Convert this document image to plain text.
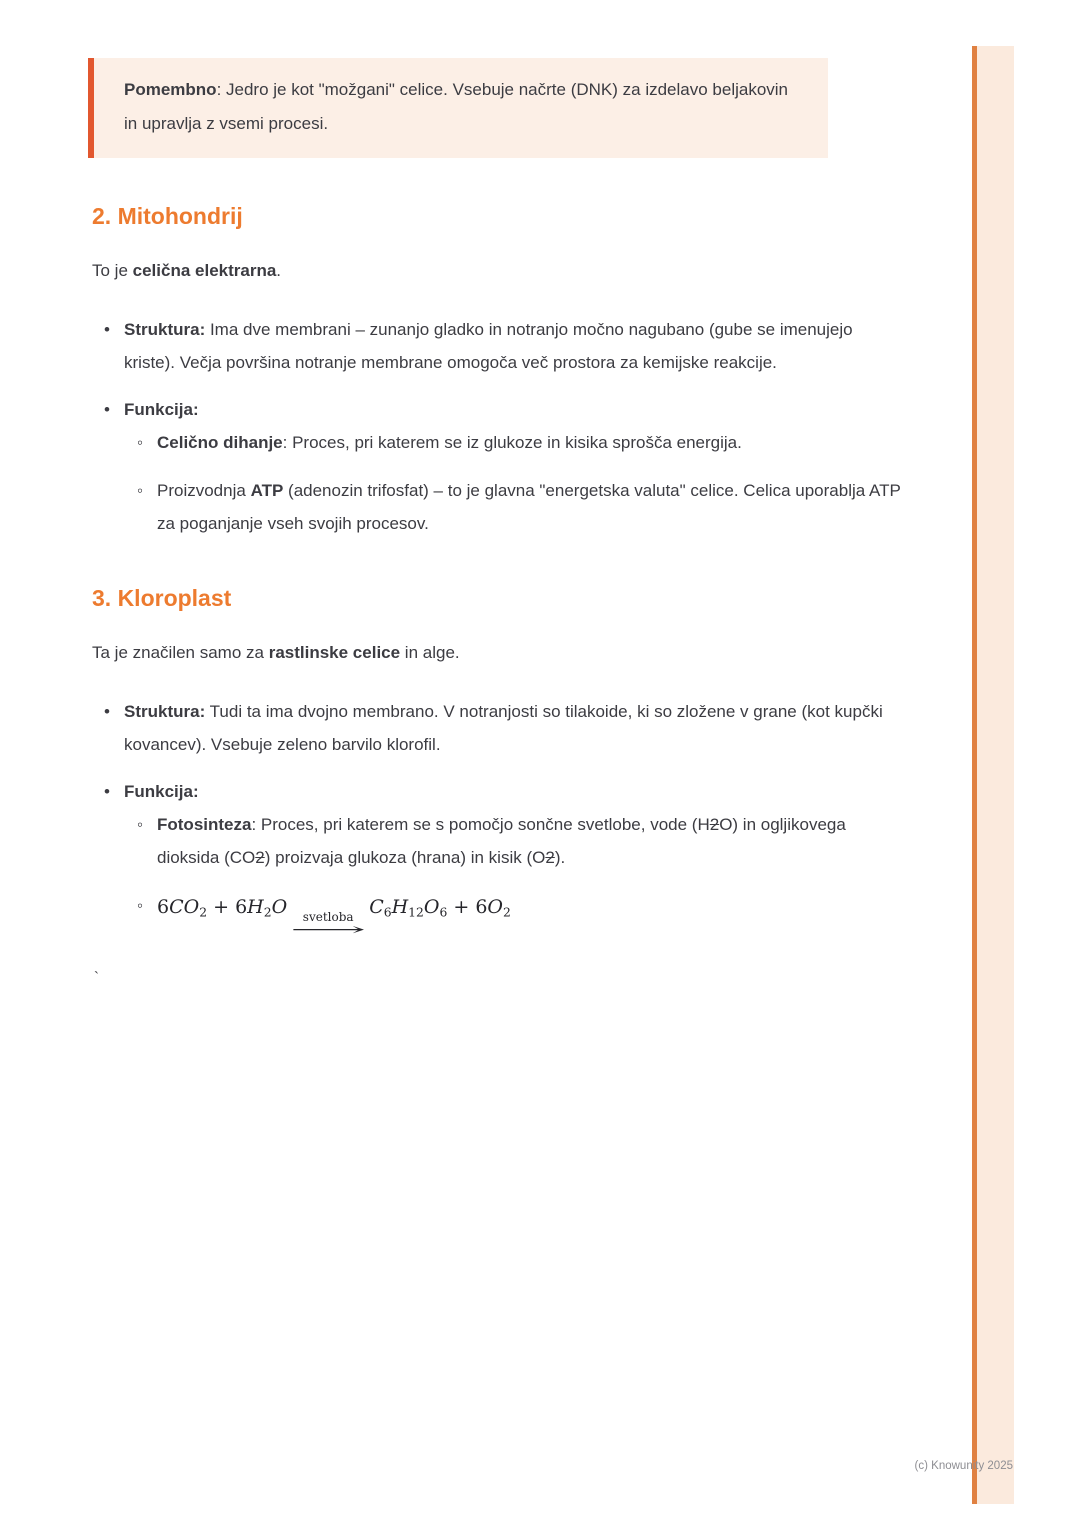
Pomembno: Jedro je kot "možgani" celice. Vsebuje načrte (DNK) za izdelavo beljakovin in upravlja z vsemi procesi.

2. Mitohondrij

To je celična elektrarna.

• Struktura: Ima dve membrani – zunanjo gladko in notranjo močno nagubano (gube se imenujejo kriste). Večja površina notranje membrane omogoča več prostora za kemijske reakcije.
• Funkcija:
◦ Celično dihanje: Proces, pri katerem se iz glukoze in kisika sprošča energija.
◦ Proizvodnja ATP (adenozin trifosfat) – to je glavna "energetska valuta" celice. Celica uporablja ATP za poganjanje vseh svojih procesov.
3. Kloroplast

Ta je značilen samo za rastlinske celice in alge.

• Struktura: Tudi ta ima dvojno membrano. V notranjosti so tilakoide, ki so zložene v grane (kot kupčki kovancev). Vsebuje zeleno barvilo klorofil.
• Funkcija:
◦ Fotosinteza: Proces, pri katerem se s pomočjo sončne svetlobe, vode (H2O) in ogljikovega dioksida (CO2) proizvaja glukoza (hrana) in kisik (O2).
◦ $6CO_2 + 6H_2O$ svetloba
⟶
$C_6H_{12}O_6 + 6O_2$

`

(c) Knowunity 2025
